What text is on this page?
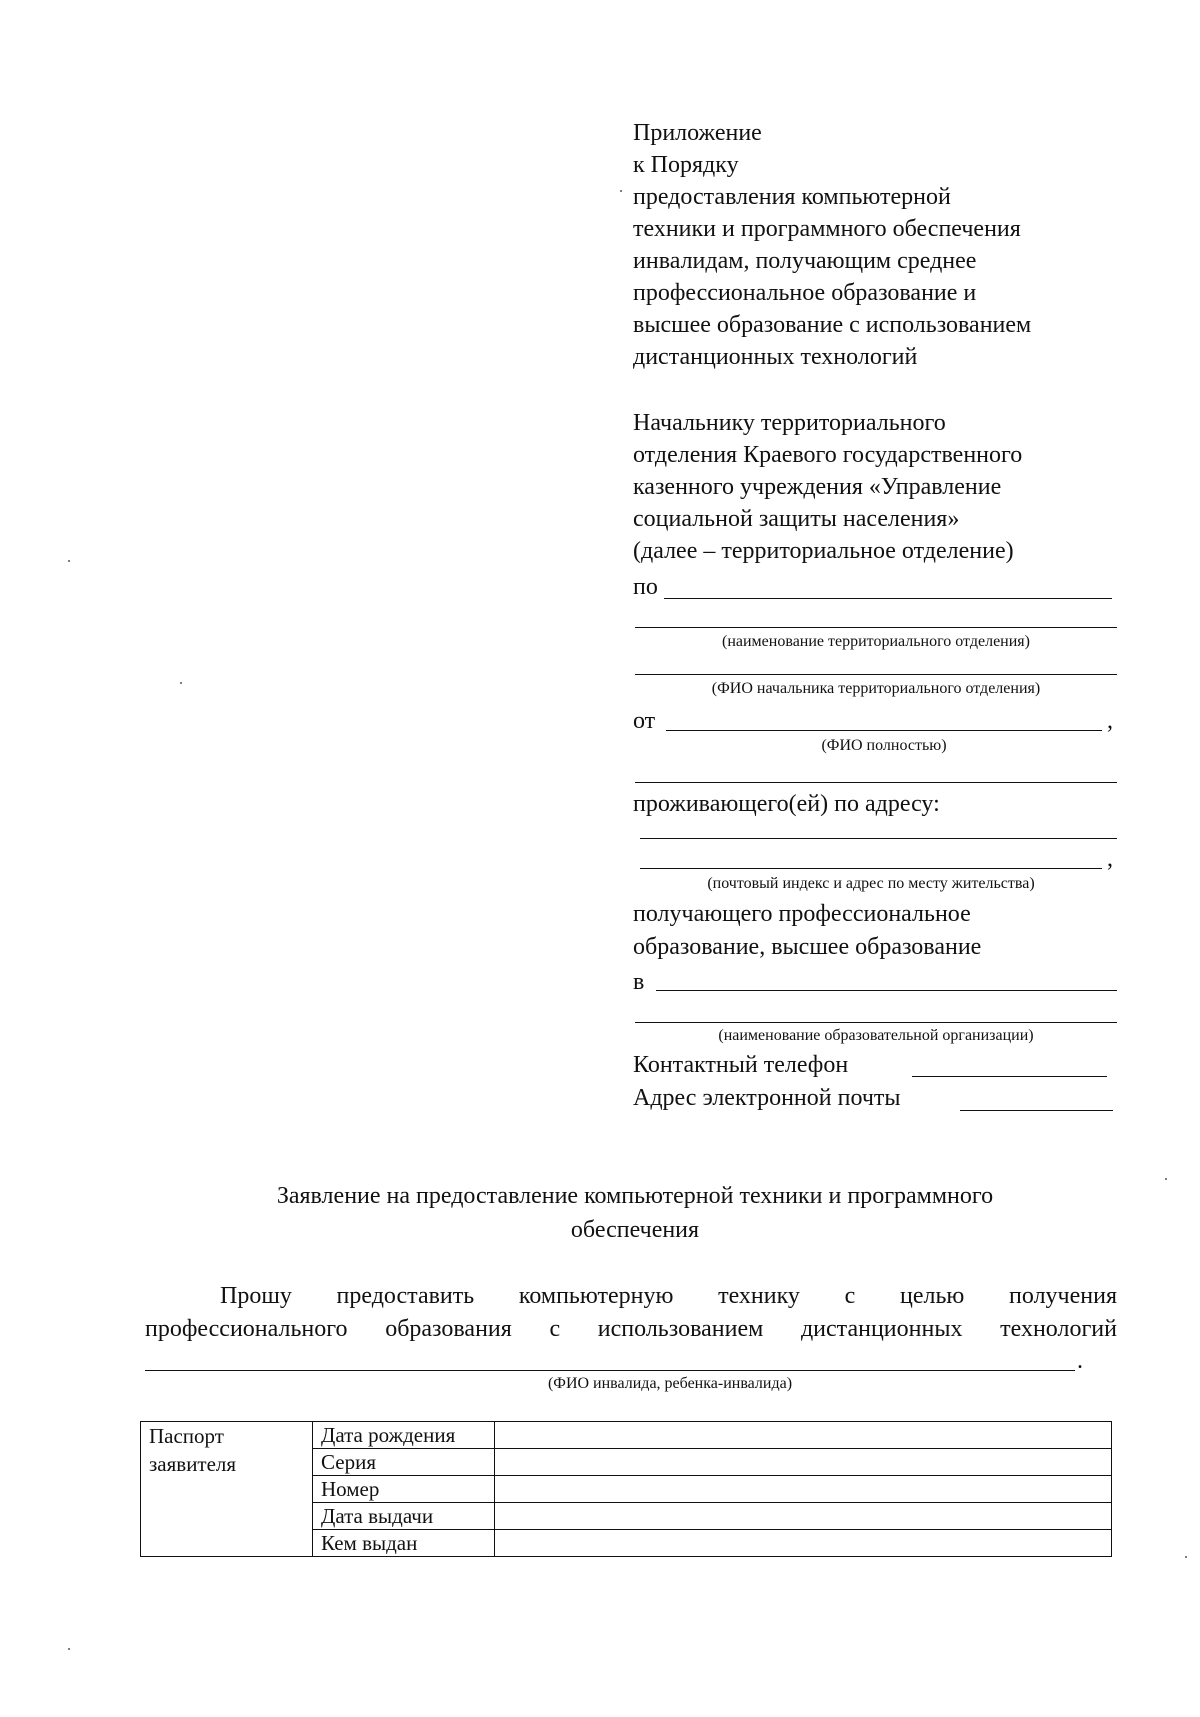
Приложение
к Порядку
предоставления компьютерной
техники и программного обеспечения
инвалидам, получающим среднее
профессиональное образование и
высшее образование с использованием
дистанционных технологий
Начальнику территориального
отделения Краевого государственного
казенного учреждения «Управление
социальной защиты населения»
(далее – территориальное отделение)
по
(наименование территориального отделения)
(ФИО начальника территориального отделения)
от	,
(ФИО полностью)
проживающего(ей) по адресу:
,
(почтовый индекс и адрес по месту жительства)
получающего профессиональное
образование, высшее образование
в
(наименование образовательной организации)
Контактный телефон
Адрес электронной почты
Заявление на предоставление компьютерной техники и программного
обеспечения
Прошу предоставить компьютерную технику с целью получения
профессионального образования с использованием дистанционных технологий
.
(ФИО инвалида, ребенка-инвалида)
Паспорт
заявителя	Дата рождения	
	Серия	
	Номер	
	Дата выдачи	
	Кем выдан	
